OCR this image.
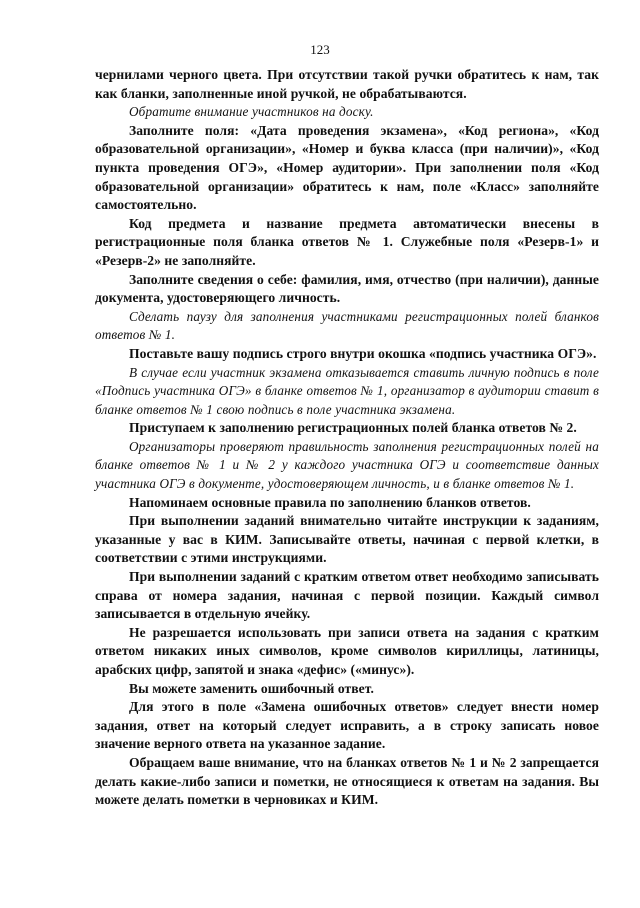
123

чернилами черного цвета. При отсутствии такой ручки обратитесь к нам, так как бланки, заполненные иной ручкой, не обрабатываются.

Обратите внимание участников на доску.

Заполните поля: «Дата проведения экзамена», «Код региона», «Код образовательной организации», «Номер и буква класса (при наличии)», «Код пункта проведения ОГЭ», «Номер аудитории». При заполнении поля «Код образовательной организации» обратитесь к нам, поле «Класс» заполняйте самостоятельно.

Код предмета и название предмета автоматически внесены в регистрационные поля бланка ответов № 1. Служебные поля «Резерв-1» и «Резерв-2» не заполняйте.

Заполните сведения о себе: фамилия, имя, отчество (при наличии), данные документа, удостоверяющего личность.

Сделать паузу для заполнения участниками регистрационных полей бланков ответов № 1.

Поставьте вашу подпись строго внутри окошка «подпись участника ОГЭ».

В случае если участник экзамена отказывается ставить личную подпись в поле «Подпись участника ОГЭ» в бланке ответов № 1, организатор в аудитории ставит в бланке ответов № 1 свою подпись в поле участника экзамена.

Приступаем к заполнению регистрационных полей бланка ответов № 2.

Организаторы проверяют правильность заполнения регистрационных полей на бланке ответов № 1 и № 2 у каждого участника ОГЭ и соответствие данных участника ОГЭ в документе, удостоверяющем личность, и в бланке ответов № 1.

Напоминаем основные правила по заполнению бланков ответов.

При выполнении заданий внимательно читайте инструкции к заданиям, указанные у вас в КИМ. Записывайте ответы, начиная с первой клетки, в соответствии с этими инструкциями.

При выполнении заданий с кратким ответом ответ необходимо записывать справа от номера задания, начиная с первой позиции. Каждый символ записывается в отдельную ячейку.

Не разрешается использовать при записи ответа на задания с кратким ответом никаких иных символов, кроме символов кириллицы, латиницы, арабских цифр, запятой и знака «дефис» («минус»).

Вы можете заменить ошибочный ответ.

Для этого в поле «Замена ошибочных ответов» следует внести номер задания, ответ на который следует исправить, а в строку записать новое значение верного ответа на указанное задание.

Обращаем ваше внимание, что на бланках ответов № 1 и № 2 запрещается делать какие-либо записи и пометки, не относящиеся к ответам на задания. Вы можете делать пометки в черновиках и КИМ.
